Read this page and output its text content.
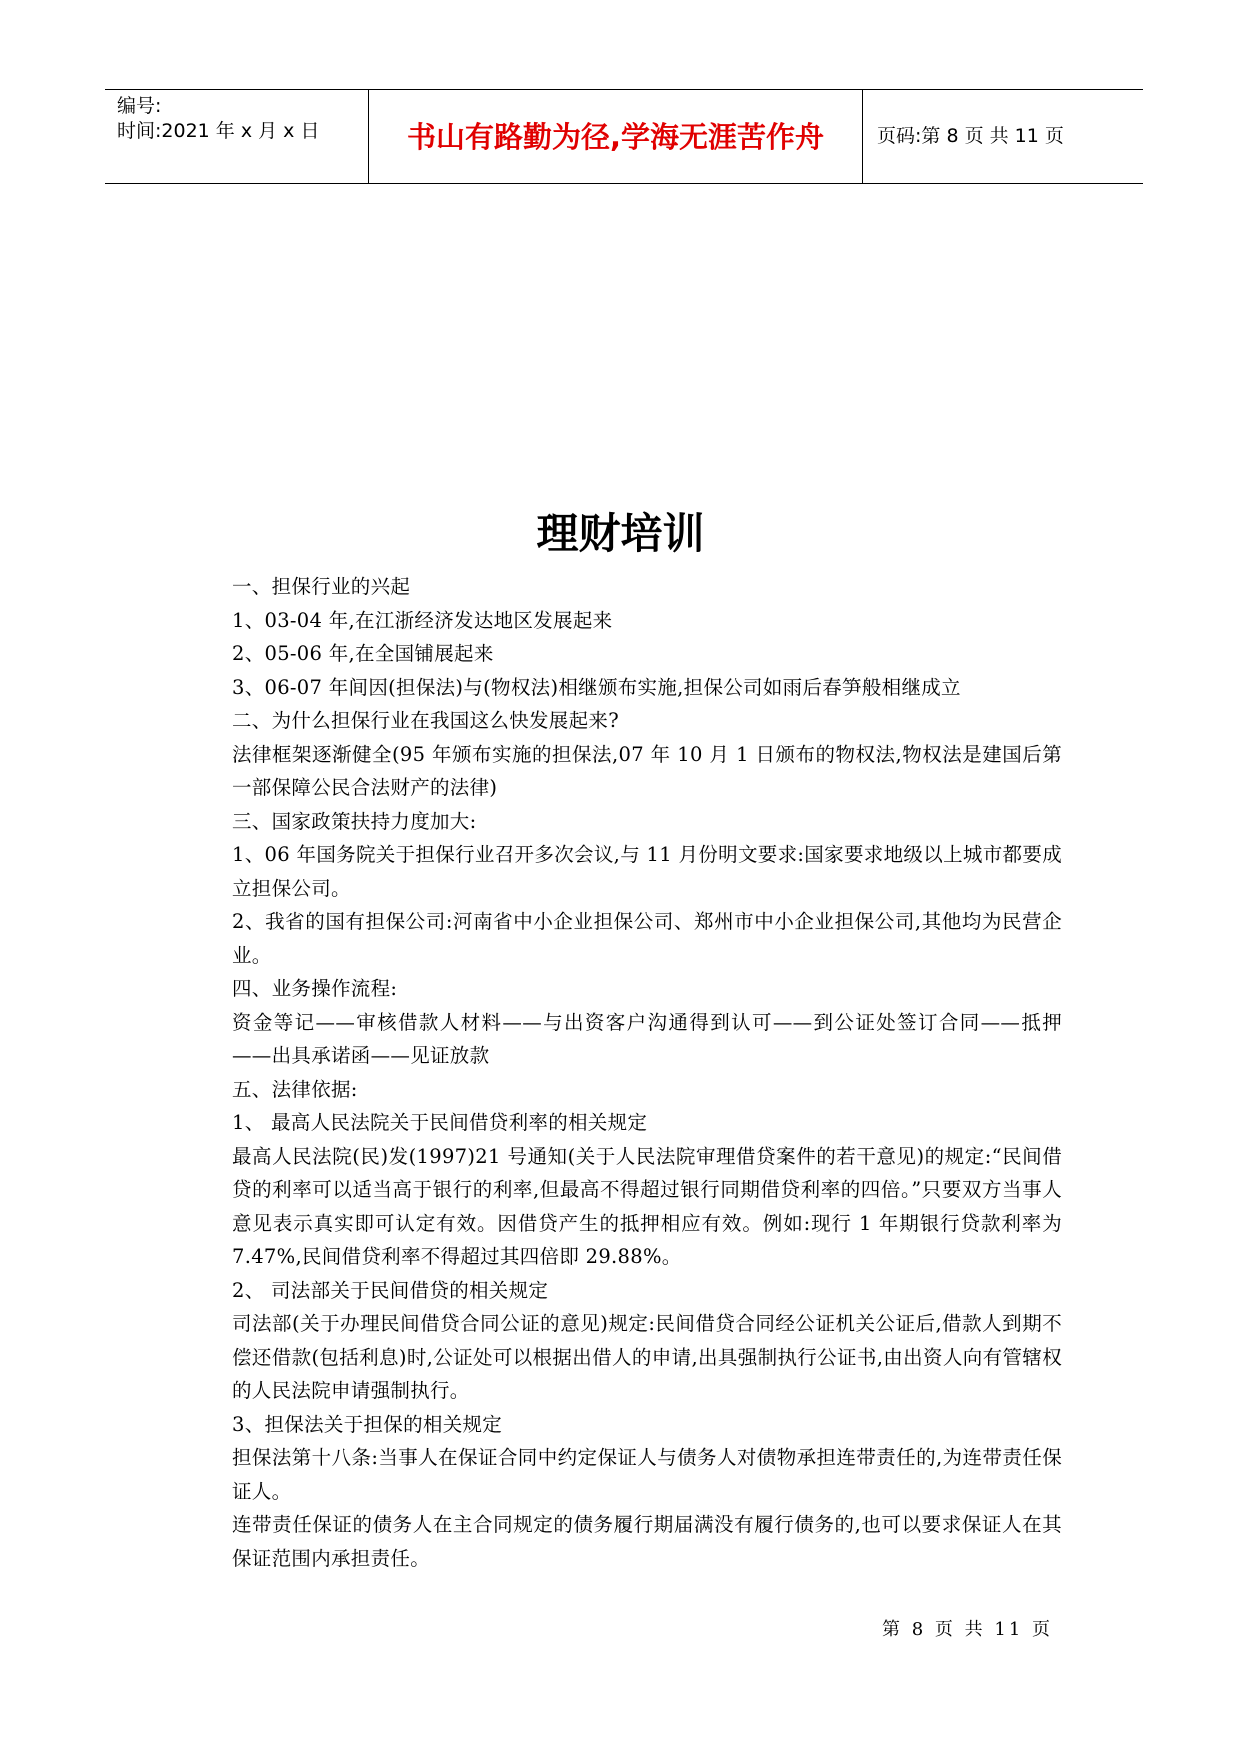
编号:
时间:2021 年 x 月 x 日	书山有路勤为径,学海无涯苦作舟	页码:第 8 页 共 11 页
理财培训

一、担保行业的兴起

1、03-04 年,在江浙经济发达地区发展起来

2、05-06 年,在全国铺展起来

3、06-07 年间因(担保法)与(物权法)相继颁布实施,担保公司如雨后春笋般相继成立

二、为什么担保行业在我国这么快发展起来?

法律框架逐渐健全(95 年颁布实施的担保法,07 年 10 月 1 日颁布的物权法,物权法是建国后第一部保障公民合法财产的法律)

三、国家政策扶持力度加大:

1、06 年国务院关于担保行业召开多次会议,与 11 月份明文要求:国家要求地级以上城市都要成立担保公司。

2、我省的国有担保公司:河南省中小企业担保公司、郑州市中小企业担保公司,其他均为民营企业。

四、业务操作流程:

资金等记——审核借款人材料——与出资客户沟通得到认可——到公证处签订合同——抵押——出具承诺函——见证放款

五、法律依据:

1、 最高人民法院关于民间借贷利率的相关规定

最高人民法院(民)发(1997)21 号通知(关于人民法院审理借贷案件的若干意见)的规定:“民间借贷的利率可以适当高于银行的利率,但最高不得超过银行同期借贷利率的四倍。”只要双方当事人意见表示真实即可认定有效。因借贷产生的抵押相应有效。例如:现行 1 年期银行贷款利率为 7.47%,民间借贷利率不得超过其四倍即 29.88%。

2、 司法部关于民间借贷的相关规定

司法部(关于办理民间借贷合同公证的意见)规定:民间借贷合同经公证机关公证后,借款人到期不偿还借款(包括利息)时,公证处可以根据出借人的申请,出具强制执行公证书,由出资人向有管辖权的人民法院申请强制执行。

3、担保法关于担保的相关规定

担保法第十八条:当事人在保证合同中约定保证人与债务人对债物承担连带责任的,为连带责任保证人。

连带责任保证的债务人在主合同规定的债务履行期届满没有履行债务的,也可以要求保证人在其保证范围内承担责任。

第 8 页 共 11 页
